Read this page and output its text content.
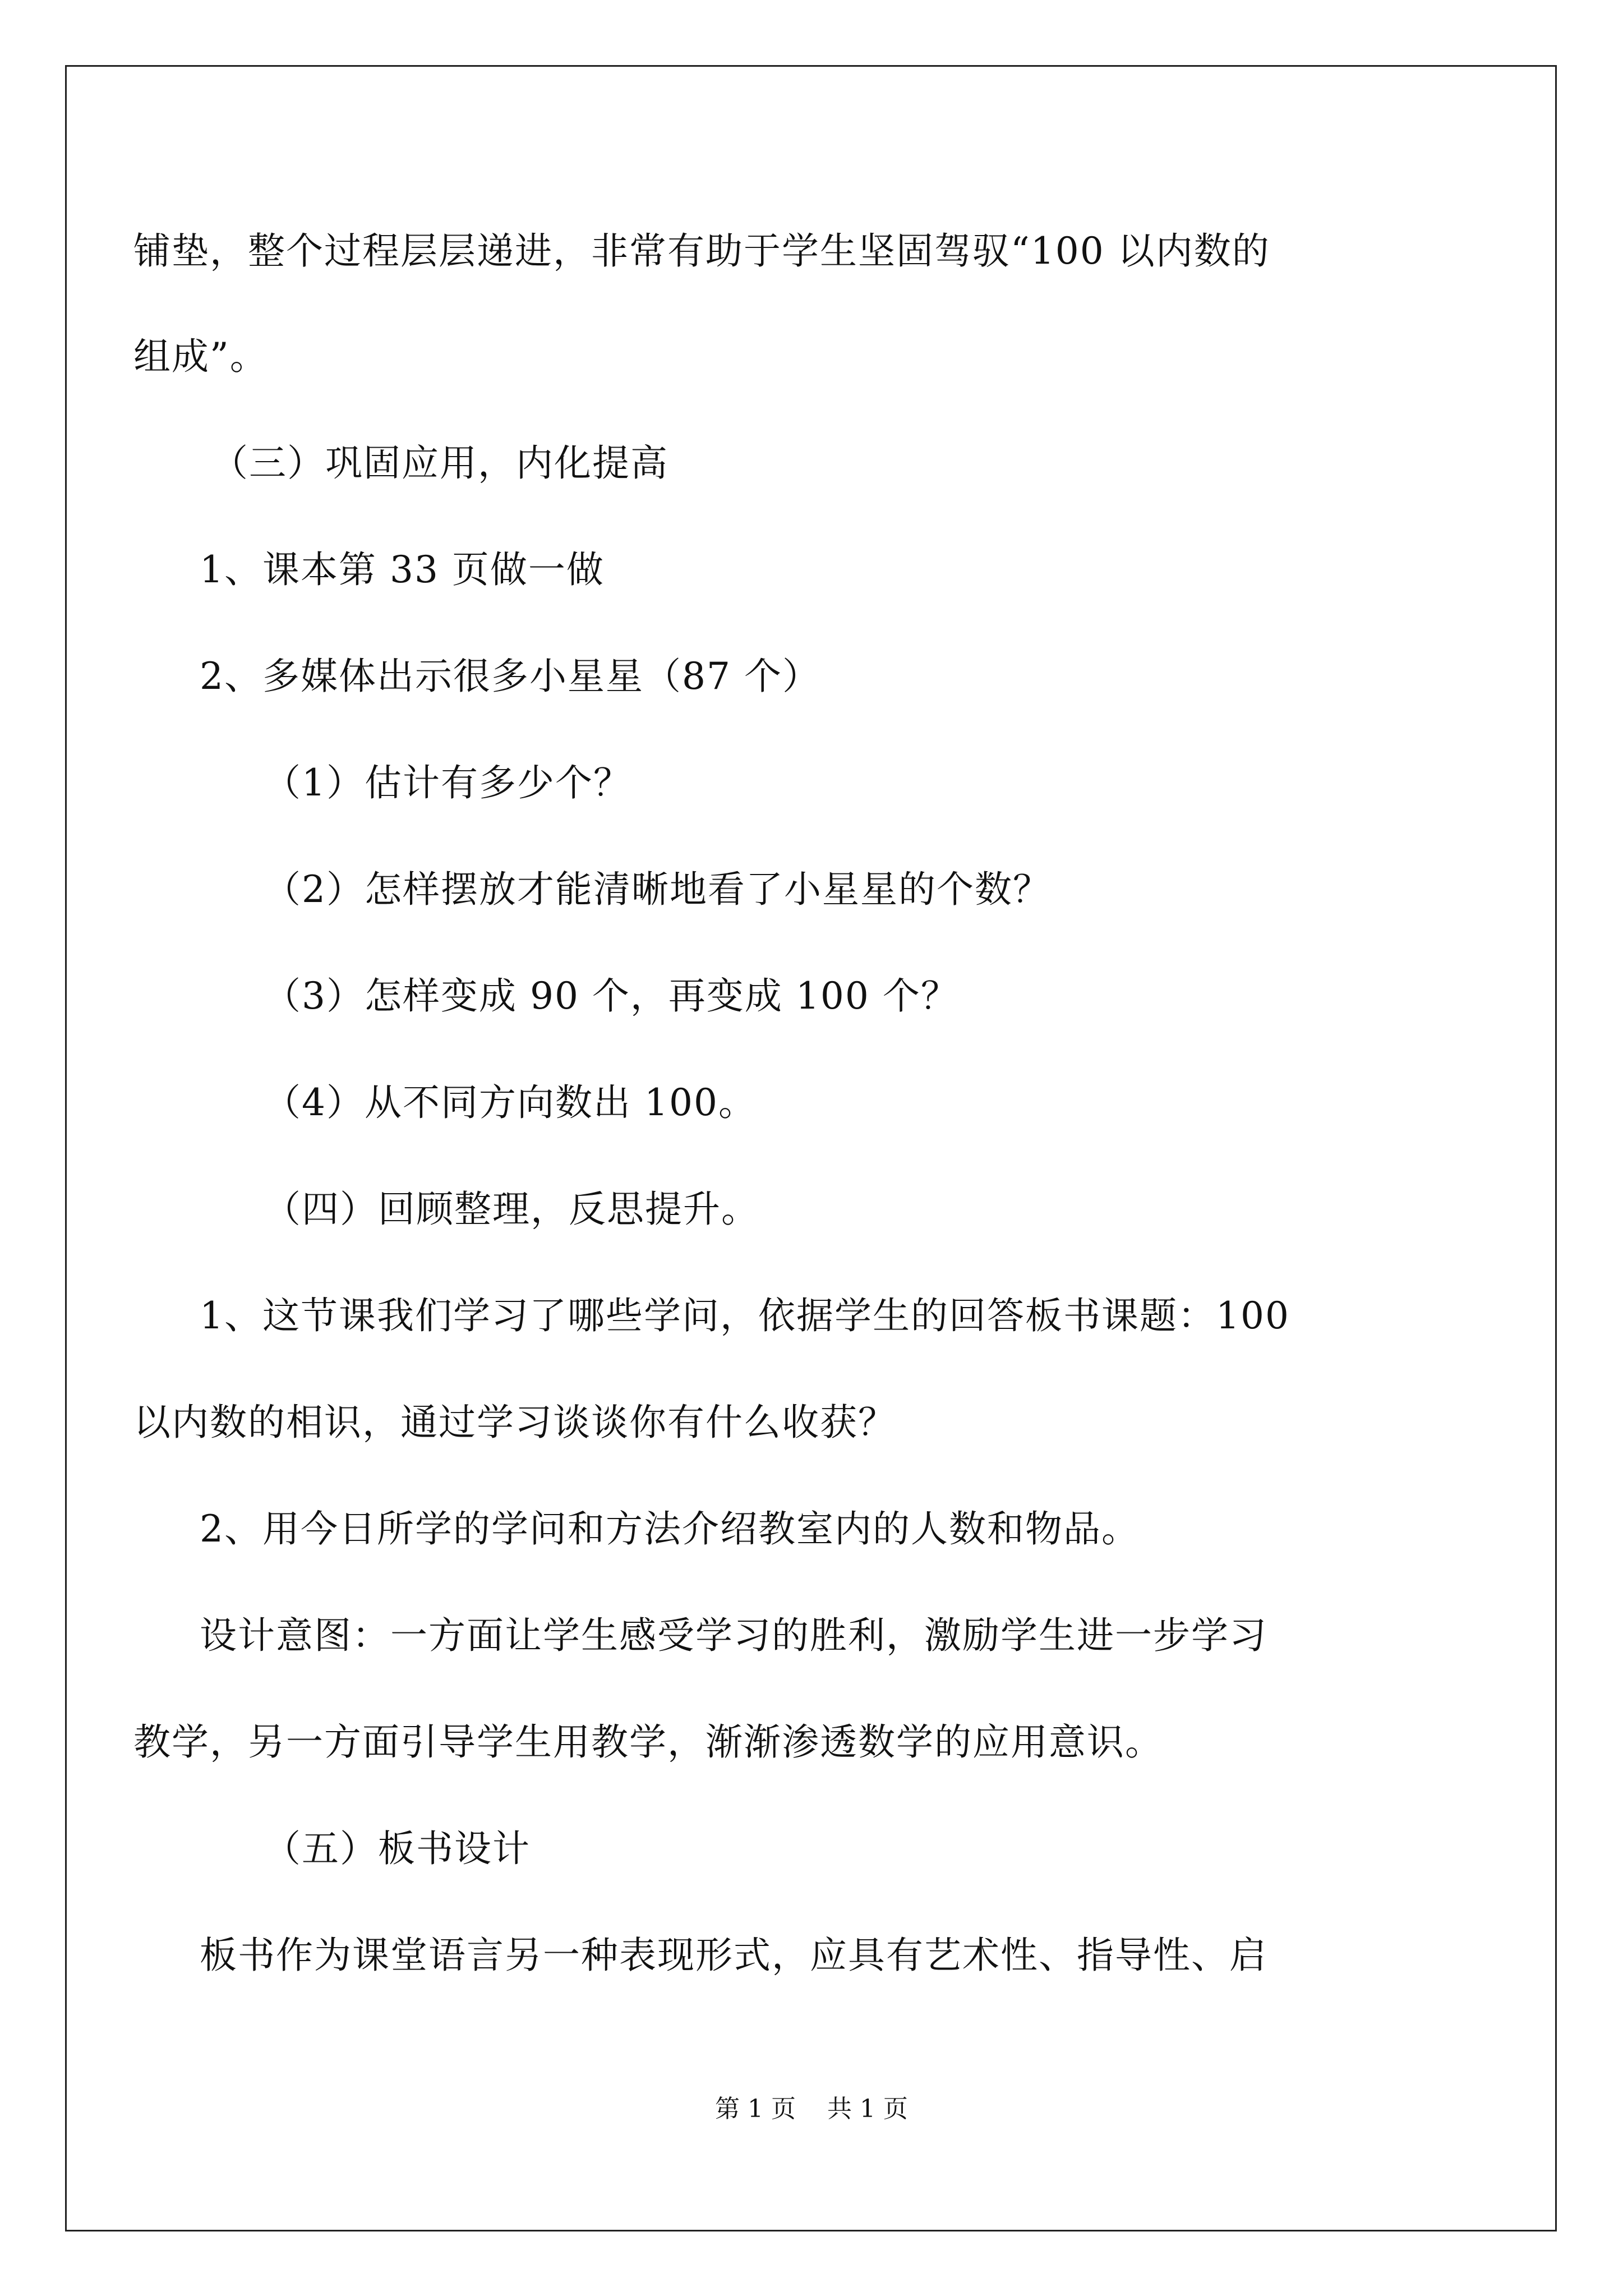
铺垫，整个过程层层递进，非常有助于学生坚固驾驭“100 以内数的
组成”。
（三）巩固应用，内化提高
1、课本第 33 页做一做
2、多媒体出示很多小星星（87 个）
（1）估计有多少个？
（2）怎样摆放才能清晰地看了小星星的个数？
（3）怎样变成 90 个，再变成 100 个？
（4）从不同方向数出 100。
（四）回顾整理，反思提升。
1、这节课我们学习了哪些学问，依据学生的回答板书课题：100
以内数的相识，通过学习谈谈你有什么收获？
2、用今日所学的学问和方法介绍教室内的人数和物品。
设计意图：一方面让学生感受学习的胜利，激励学生进一步学习
教学，另一方面引导学生用教学，渐渐渗透数学的应用意识。
（五）板书设计
板书作为课堂语言另一种表现形式，应具有艺术性、指导性、启
第 1 页    共 1 页
